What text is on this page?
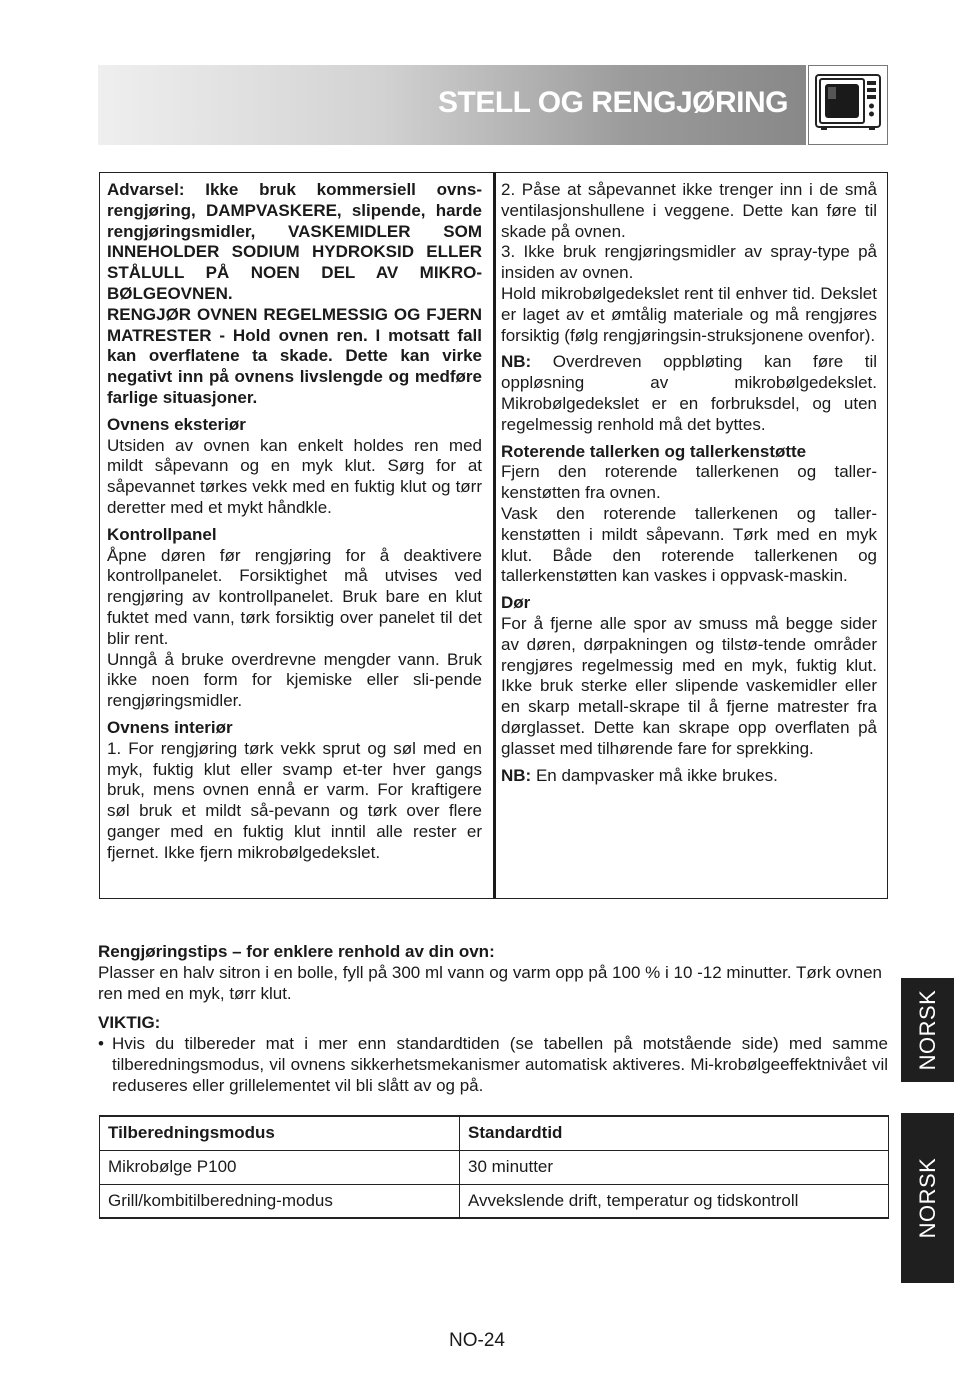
STELL OG RENGJØRING

Advarsel: Ikke bruk kommersiell ovns-rengjøring, DAMPVASKERE, slipende, harde rengjøringsmidler, VASKEMIDLER SOM INNEHOLDER SODIUM HYDROKSID ELLER STÅLULL PÅ NOEN DEL AV MIKRO-BØLGEOVNEN.

RENGJØR OVNEN REGELMESSIG OG FJERN MATRESTER - Hold ovnen ren. I motsatt fall kan overflatene ta skade. Dette kan virke negativt inn på ovnens livslengde og medføre farlige situasjoner.

Ovnens eksteriør

Utsiden av ovnen kan enkelt holdes ren med mildt såpevann og en myk klut. Sørg for at såpevannet tørkes vekk med en fuktig klut og tørr deretter med et mykt håndkle.

Kontrollpanel

Åpne døren før rengjøring for å deaktivere kontrollpanelet. Forsiktighet må utvises ved rengjøring av kontrollpanelet. Bruk bare en klut fuktet med vann, tørk forsiktig over panelet til det blir rent.

Unngå å bruke overdrevne mengder vann. Bruk ikke noen form for kjemiske eller sli-pende rengjøringsmidler.

Ovnens interiør

1. For rengjøring tørk vekk sprut og søl med en myk, fuktig klut eller svamp et-ter hver gangs bruk, mens ovnen ennå er varm. For kraftigere søl bruk et mildt så-pevann og tørk over flere ganger med en fuktig klut inntil alle rester er fjernet. Ikke fjern mikrobølgedekslet.

2. Påse at såpevannet ikke trenger inn i de små ventilasjonshullene i veggene. Dette kan føre til skade på ovnen.

3. Ikke bruk rengjøringsmidler av spray-type på insiden av ovnen.

Hold mikrobølgedekslet rent til enhver tid. Dekslet er laget av et ømtålig materiale og må rengjøres forsiktig (følg rengjøringsin-struksjonene ovenfor).

NB: Overdreven oppbløting kan føre til oppløsning av mikrobølgedekslet. Mikrobølgedekslet er en forbruksdel, og uten regelmessig renhold må det byttes.

Roterende tallerken og tallerkenstøtte

Fjern den roterende tallerkenen og taller-kenstøtten fra ovnen.

Vask den roterende tallerkenen og taller-kenstøtten i mildt såpevann. Tørk med en myk klut. Både den roterende tallerkenen og tallerkenstøtten kan vaskes i oppvask-maskin.

Dør

For å fjerne alle spor av smuss må begge sider av døren, dørpakningen og tilstø-tende områder rengjøres regelmessig med en myk, fuktig klut. Ikke bruk sterke eller slipende vaskemidler eller en skarp metall-skrape til å fjerne matrester fra dørglasset. Dette kan skrape opp overflaten på glasset med tilhørende fare for sprekking.

NB: En dampvasker må ikke brukes.

Rengjøringstips – for enklere renhold av din ovn:

Plasser en halv sitron i en bolle, fyll på 300 ml vann og varm opp på 100 % i 10 -12 minutter. Tørk ovnen ren med en myk, tørr klut.

VIKTIG:

• Hvis du tilbereder mat i mer enn standardtiden (se tabellen på motstående side) med samme tilberedningsmodus, vil ovnens sikkerhetsmekanismer automatisk aktiveres. Mi-krobølgeeffektnivået vil reduseres eller grillelementet vil bli slått av og på.

Tilberedningsmodus	Standardtid
Mikrobølge P100	30 minutter
Grill/kombitilberedning-modus	Avvekslende drift, temperatur og tidskontroll
NORSK
NORSK
NO-24
